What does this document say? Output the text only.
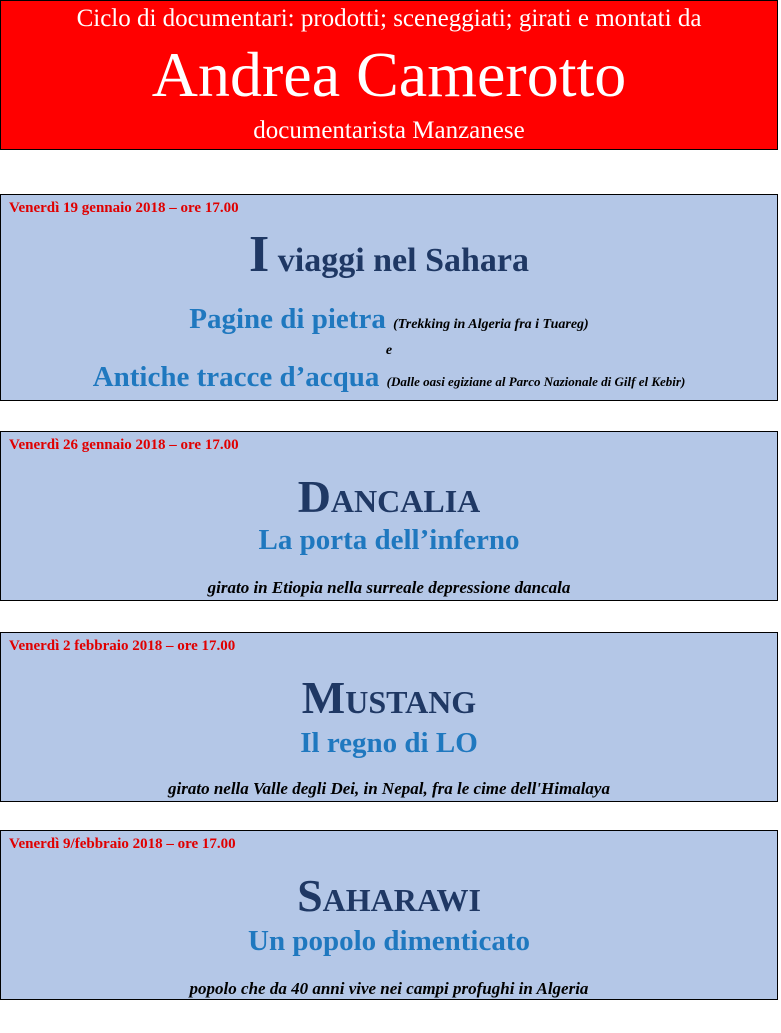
Ciclo di documentari: prodotti; sceneggiati; girati e montati da
Andrea Camerotto
documentarista Manzanese
Venerdì 19 gennaio 2018 – ore 17.00
I viaggi nel Sahara
Pagine di pietra (Trekking in Algeria fra i Tuareg)
e
Antiche tracce d’acqua (Dalle oasi egiziane al Parco Nazionale di Gilf el Kebir)
Venerdì 26 gennaio 2018 – ore 17.00
Dancalia
La porta dell’inferno
girato in Etiopia nella surreale depressione dancala
Venerdì 2 febbraio 2018 – ore 17.00
Mustang
Il regno di LO
girato nella Valle degli Dei, in Nepal, fra le cime dell'Himalaya
Venerdì 9/febbraio 2018 – ore 17.00
Saharawi
Un popolo dimenticato
popolo che da 40 anni vive nei campi profughi in Algeria
